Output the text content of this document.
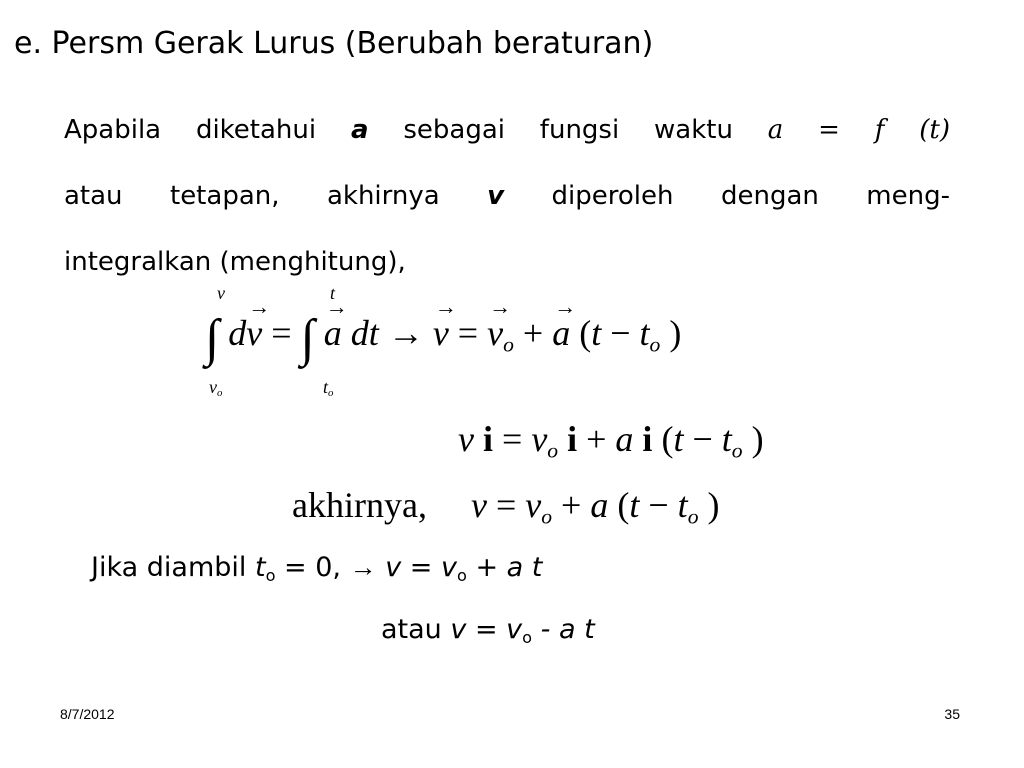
e. Persm Gerak Lurus (Berubah beraturan)
Apabila diketahui a sebagai fungsi waktu a = f (t)
atau tetapan, akhirnya v diperoleh dengan meng-
integralkan (menghitung),
v	t
$v_o$	$t_o$
∫ dv → = ∫ a → dt → v → = $v \to_o + a \to (t - t_o$ )
v $i = v_o$ i + a i ($t - t_o$ )
akhirnya, $v = v_o + a$ ($t - t_o$ )
Jika diambil $t_o = 0$, → $v = v_o + a$ t
atau $v = v_o - a$ t
8/7/2012	35
